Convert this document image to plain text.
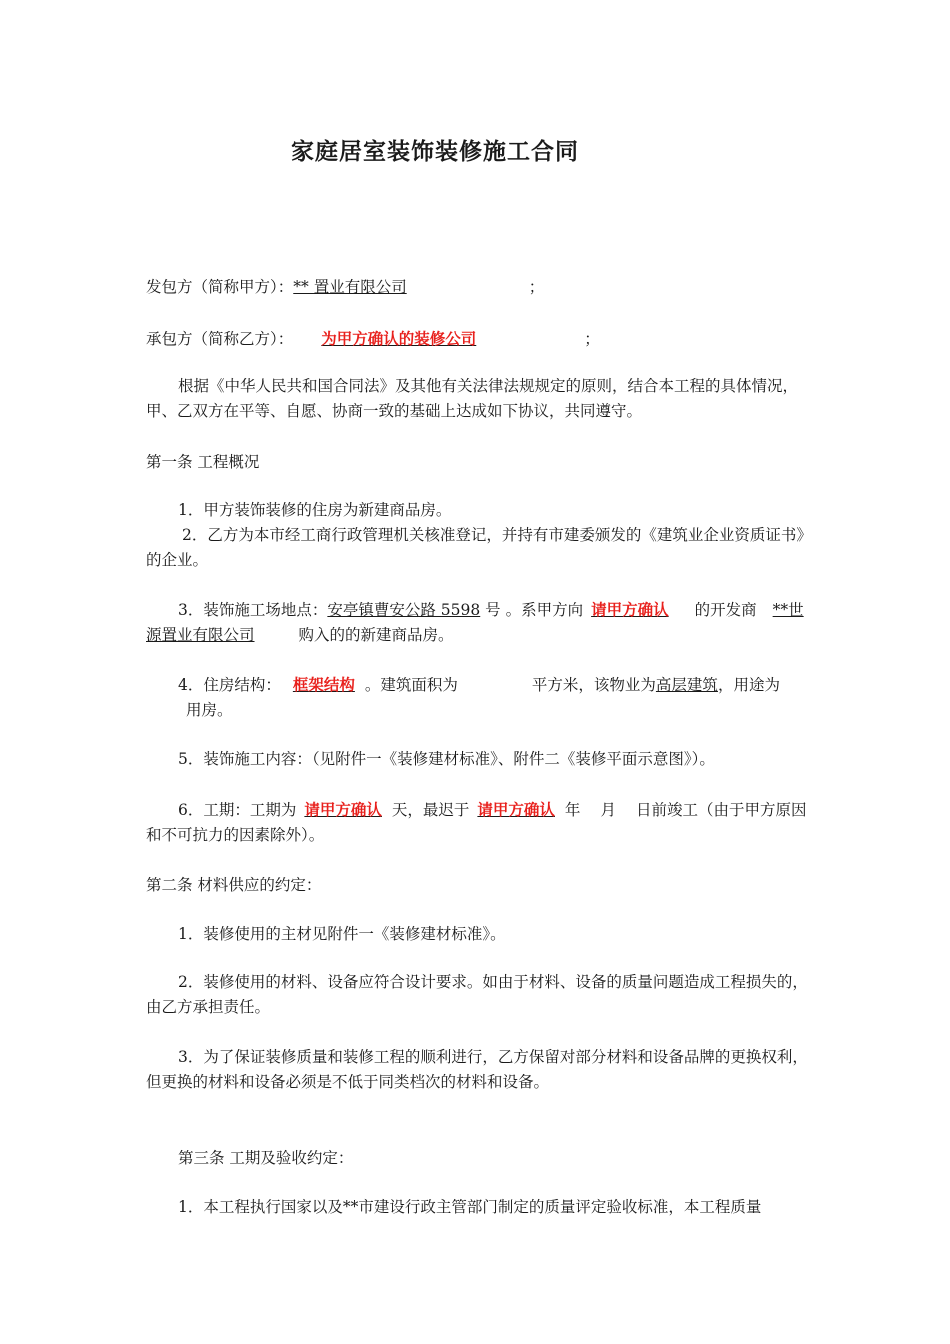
家庭居室装饰装修施工合同
发包方（简称甲方）：** 置业有限公司	；
承包方（简称乙方）： 为甲方确认的装修公司	；
根据《中华人民共和国合同法》及其他有关法律法规规定的原则，结合本工程的具体情况，甲、乙双方在平等、自愿、协商一致的基础上达成如下协议，共同遵守。
第一条 工程概况
1．甲方装饰装修的住房为新建商品房。
2．乙方为本市经工商行政管理机关核准登记，并持有市建委颁发的《建筑业企业资质证书》的企业。
3．装饰施工场地点：安亭镇曹安公路 5598 号 。系甲方向 请甲方确认 的开发商 **世源置业有限公司	购入的的新建商品房。
4．住房结构： 框架结构 。建筑面积为	平方米，该物业为高层建筑，用途为用房。
5．装饰施工内容：（见附件一《装修建材标准》、附件二《装修平面示意图》）。
6．工期：工期为 请甲方确认 天，最迟于 请甲方确认 年 月 日前竣工（由于甲方原因和不可抗力的因素除外）。
第二条 材料供应的约定：
1．装修使用的主材见附件一《装修建材标准》。
2．装修使用的材料、设备应符合设计要求。如由于材料、设备的质量问题造成工程损失的，由乙方承担责任。
3．为了保证装修质量和装修工程的顺利进行，乙方保留对部分材料和设备品牌的更换权利，但更换的材料和设备必须是不低于同类档次的材料和设备。
第三条 工期及验收约定：
1．本工程执行国家以及**市建设行政主管部门制定的质量评定验收标准，本工程质量
